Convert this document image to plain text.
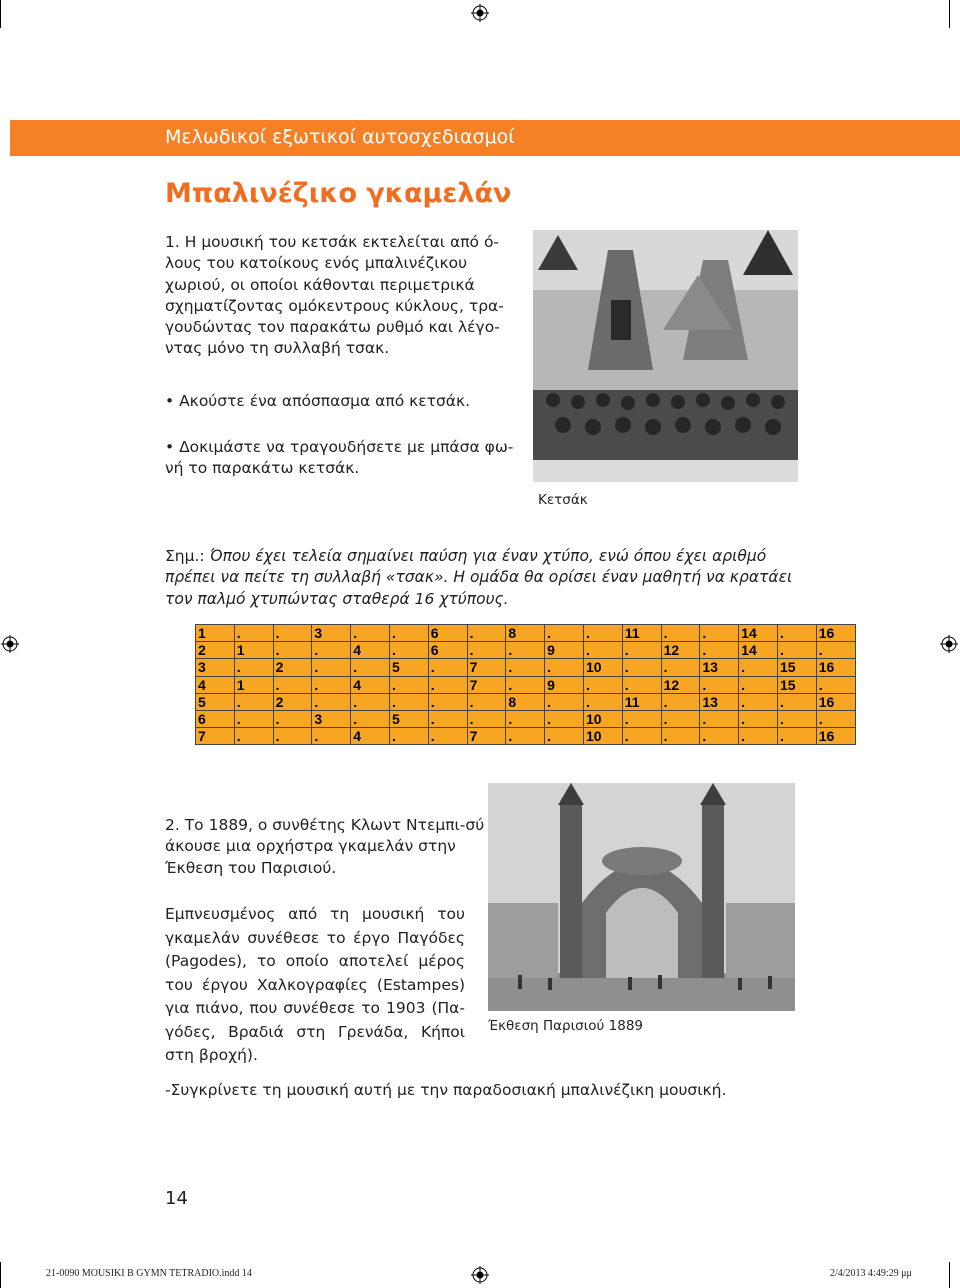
Μελωδικοί εξωτικοί αυτοσχεδιασμοί
Μπαλινέζικο γκαμελάν
1. Η μουσική του κετσάκ εκτελείται από ό-
λους του κατοίκους ενός μπαλινέζικου
χωριού, οι οποίοι κάθονται περιμετρικά
σχηματίζοντας ομόκεντρους κύκλους, τρα-
γουδώντας τον παρακάτω ρυθμό και λέγο-
ντας μόνο τη συλλαβή τσακ.
• Ακούστε ένα απόσπασμα από κετσάκ.
• Δοκιμάστε να τραγουδήσετε με μπάσα φω-νή το παρακάτω κετσάκ.
Κετσάκ
Σημ.: Όπου έχει τελεία σημαίνει παύση για έναν χτύπο, ενώ όπου έχει αριθμό πρέπει να πείτε τη συλλαβή «τσακ». Η ομάδα θα ορίσει έναν μαθητή να κρατάει τον παλμό χτυπώντας σταθερά 16 χτύπους.
1	.	.	3	.	.	6	.	8	.	.	11	.	.	14	.	16
2	1	.	.	4	.	6	.	.	9	.	.	12	.	14	.	.
3	.	2	.	.	5	.	7	.	.	10	.	.	13	.	15	16
4	1	.	.	4	.	.	7	.	9	.	.	12	.	.	15	.
5	.	2	.	.	.	.	.	8	.	.	11	.	13	.	.	16
6	.	.	3	.	5	.	.	.	.	10	.	.	.	.	.	.
7	.	.	.	4	.	.	7	.	.	10	.	.	.	.	.	16
2. Το 1889, ο συνθέτης Κλωντ Ντεμπι-σύ άκουσε μια ορχήστρα γκαμελάν στην Έκθεση του Παρισιού.
Εμπνευσμένος από τη μουσική του γκαμελάν συνέθεσε το έργο Παγόδες (Pagodes), το οποίο αποτελεί μέρος του έργου Χαλκογραφίες (Estampes) για πιάνο, που συνέθεσε το 1903 (Πα-γόδες, Βραδιά στη Γρενάδα, Κήποι στη βροχή).
Έκθεση Παρισιού 1889
-Συγκρίνετε τη μουσική αυτή με την παραδοσιακή μπαλινέζικη μουσική.
14
21-0090 MOUSIKI B GYMN TETRADIO.indd 14	2/4/2013 4:49:29 μμ
